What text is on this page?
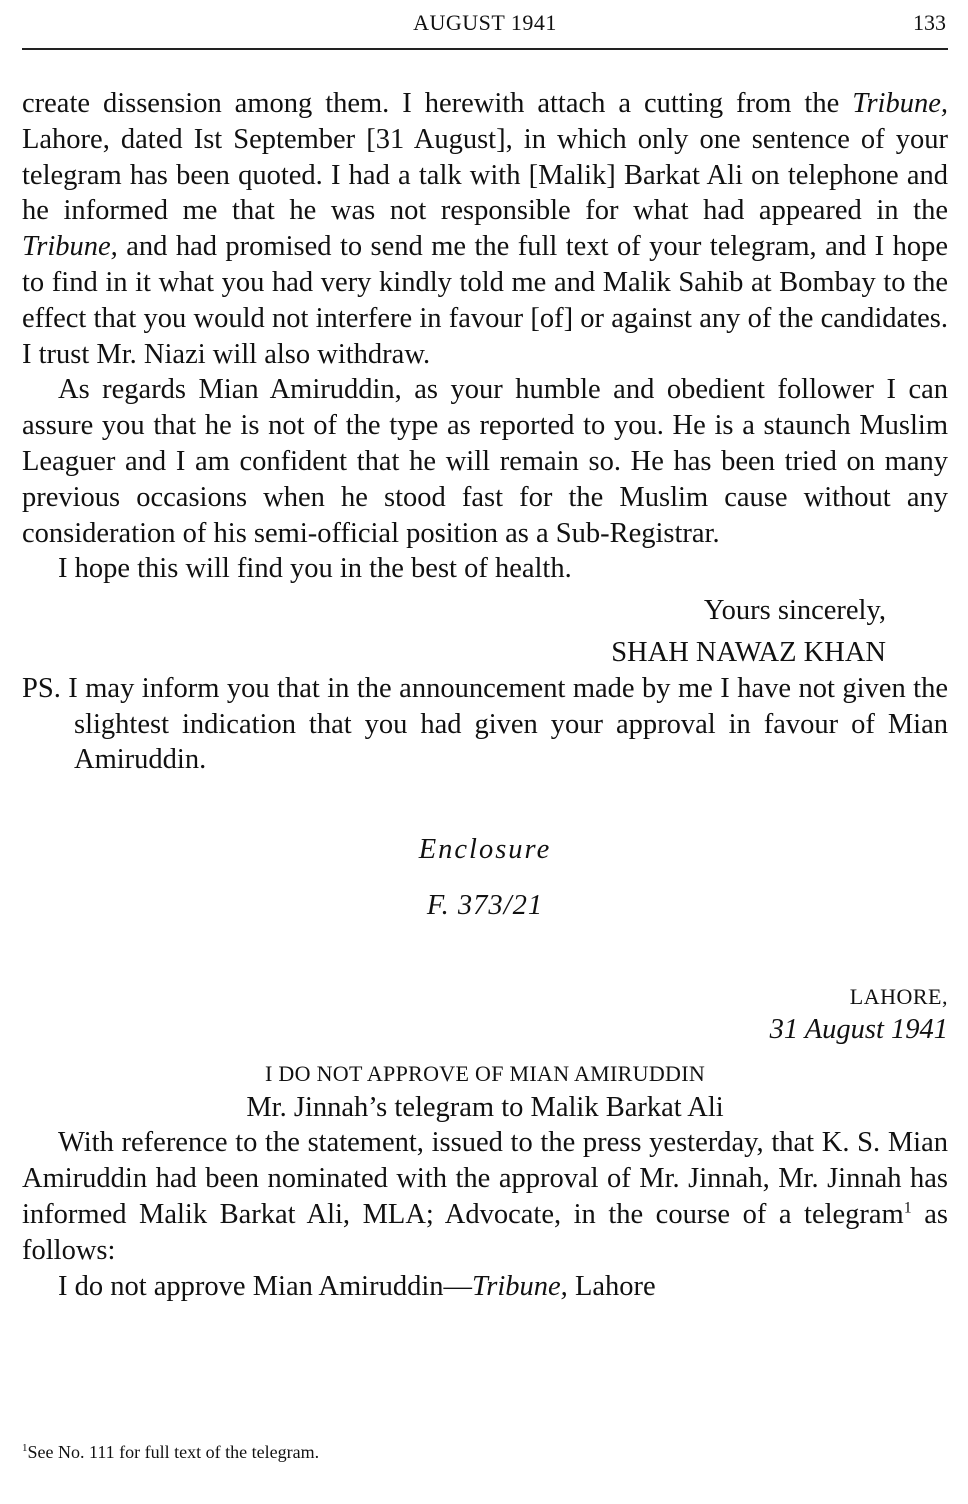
AUGUST 1941	133

create dissension among them. I herewith attach a cutting from the Tribune, Lahore, dated Ist September [31 August], in which only one sentence of your telegram has been quoted. I had a talk with [Malik] Barkat Ali on telephone and he informed me that he was not responsible for what had appeared in the Tribune, and had promised to send me the full text of your telegram, and I hope to find in it what you had very kindly told me and Malik Sahib at Bombay to the effect that you would not interfere in favour [of] or against any of the candidates. I trust Mr. Niazi will also withdraw.

As regards Mian Amiruddin, as your humble and obedient follower I can assure you that he is not of the type as reported to you. He is a staunch Muslim Leaguer and I am confident that he will remain so. He has been tried on many previous occasions when he stood fast for the Muslim cause without any consideration of his semi-official position as a Sub-Registrar.

I hope this will find you in the best of health.

Yours sincerely,
SHAH NAWAZ KHAN

PS. I may inform you that in the announcement made by me I have not given the slightest indication that you had given your approval in favour of Mian Amiruddin.

Enclosure
F. 373/21
LAHORE,
31 August 1941
I DO NOT APPROVE OF MIAN AMIRUDDIN
Mr. Jinnah’s telegram to Malik Barkat Ali

With reference to the statement, issued to the press yesterday, that K. S. Mian Amiruddin had been nominated with the approval of Mr. Jinnah, Mr. Jinnah has informed Malik Barkat Ali, MLA; Advocate, in the course of a telegram$^1$ as follows:

I do not approve Mian Amiruddin—Tribune, Lahore

$^1$See No. 111 for full text of the telegram.
